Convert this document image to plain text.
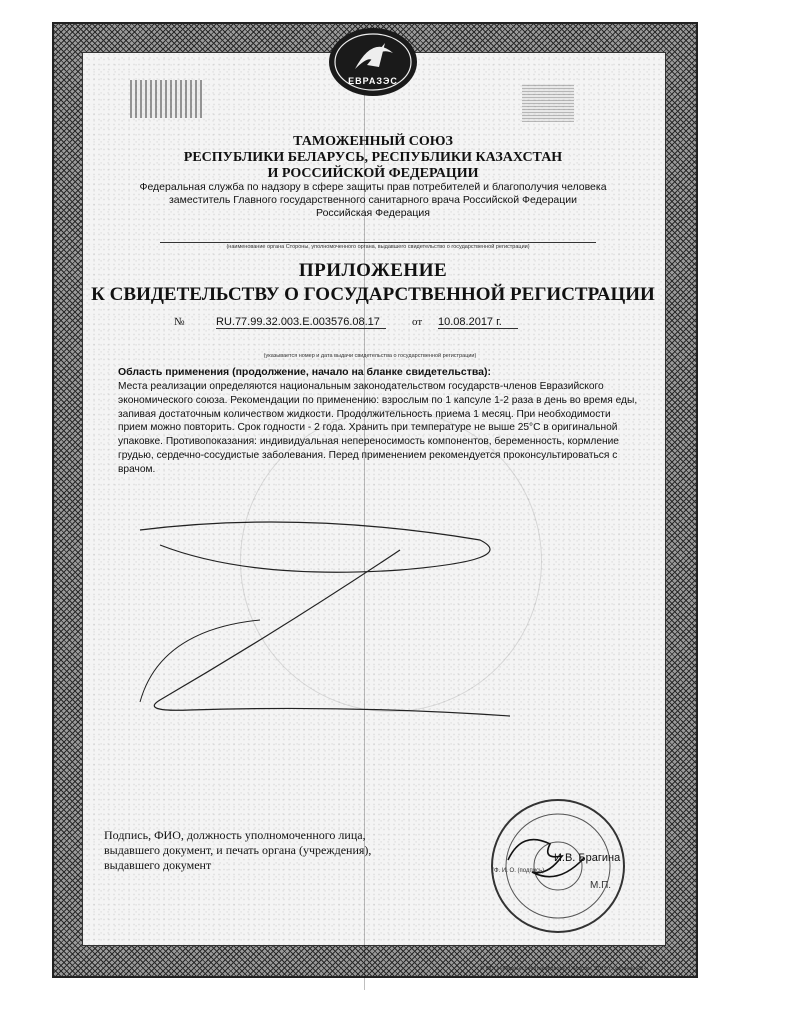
ЕВРАЗЭС
ТАМОЖЕННЫЙ СОЮЗ
РЕСПУБЛИКИ БЕЛАРУСЬ, РЕСПУБЛИКИ КАЗАХСТАН
И РОССИЙСКОЙ ФЕДЕРАЦИИ
Федеральная служба по надзору в сфере защиты прав потребителей и благополучия человека
заместитель Главного государственного санитарного врача Российской Федерации
Российская Федерация
(наименование органа Стороны, уполномоченного органа, выдавшего свидетельство о государственной регистрации)
ПРИЛОЖЕНИЕ
К СВИДЕТЕЛЬСТВУ О ГОСУДАРСТВЕННОЙ РЕГИСТРАЦИИ
№	RU.77.99.32.003.E.003576.08.17	от 10.08.2017 г.
(указывается номер и дата выдачи свидетельства о государственной регистрации)
Область применения (продолжение, начало на бланке свидетельства):
Места реализации определяются национальным законодательством государств-членов Евразийского экономического союза. Рекомендации по применению: взрослым по 1 капсуле 1-2 раза в день во время еды, запивая достаточным количеством жидкости. Продолжительность приема 1 месяц. При необходимости прием можно повторить. Срок годности - 2 года. Хранить при температуре не выше 25°С в оригинальной упаковке. Противопоказания: индивидуальная непереносимость компонентов, беременность, кормление грудью, сердечно-сосудистые заболевания. Перед применением рекомендуется проконсультироваться с врачом.
Подпись, ФИО, должность уполномоченного лица, выдавшего документ, и печать органа (учреждения), выдавшего документ	И.В. Брагина
(Ф. И. О. (подпись)
М.П.
© ООО «Первый печатный двор», г. Москва, 2015 г., уровень «В»
